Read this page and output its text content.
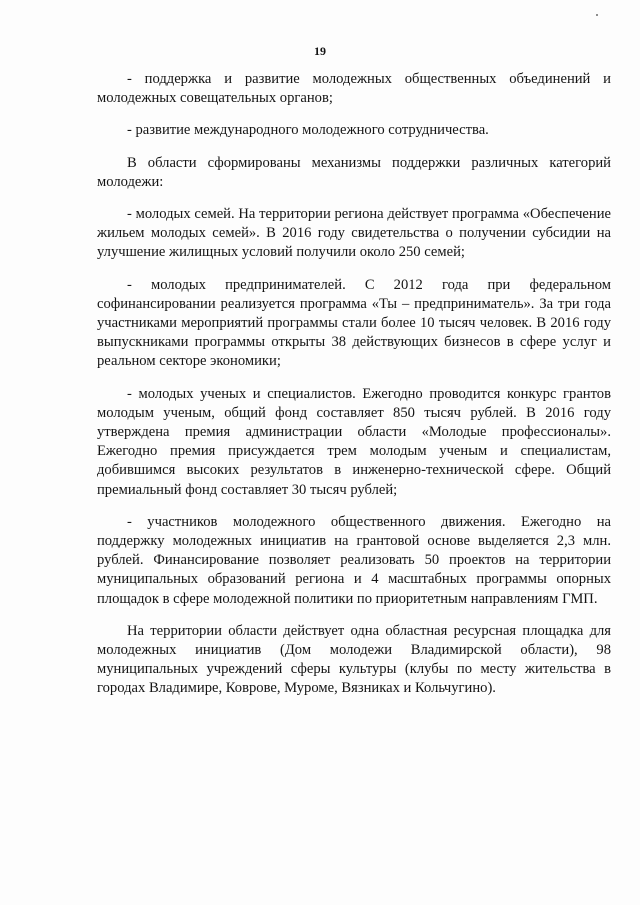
19

- поддержка и развитие молодежных общественных объединений и молодежных совещательных органов;

- развитие международного молодежного сотрудничества.

В области сформированы механизмы поддержки различных категорий молодежи:

- молодых семей. На территории региона действует программа «Обеспечение жильем молодых семей». В 2016 году свидетельства о получении субсидии на улучшение жилищных условий получили около 250 семей;

- молодых предпринимателей. С 2012 года при федеральном софинансировании реализуется программа «Ты – предприниматель». За три года участниками мероприятий программы стали более 10 тысяч человек. В 2016 году выпускниками программы открыты 38 действующих бизнесов в сфере услуг и реальном секторе экономики;

- молодых ученых и специалистов. Ежегодно проводится конкурс грантов молодым ученым, общий фонд составляет 850 тысяч рублей. В 2016 году утверждена премия администрации области «Молодые профессионалы». Ежегодно премия присуждается трем молодым ученым и специалистам, добившимся высоких результатов в инженерно-технической сфере. Общий премиальный фонд составляет 30 тысяч рублей;

- участников молодежного общественного движения. Ежегодно на поддержку молодежных инициатив на грантовой основе выделяется 2,3 млн. рублей. Финансирование позволяет реализовать 50 проектов на территории муниципальных образований региона и 4 масштабных программы опорных площадок в сфере молодежной политики по приоритетным направлениям ГМП.

На территории области действует одна областная ресурсная площадка для молодежных инициатив (Дом молодежи Владимирской области), 98 муниципальных учреждений сферы культуры (клубы по месту жительства в городах Владимире, Коврове, Муроме, Вязниках и Кольчугино).
